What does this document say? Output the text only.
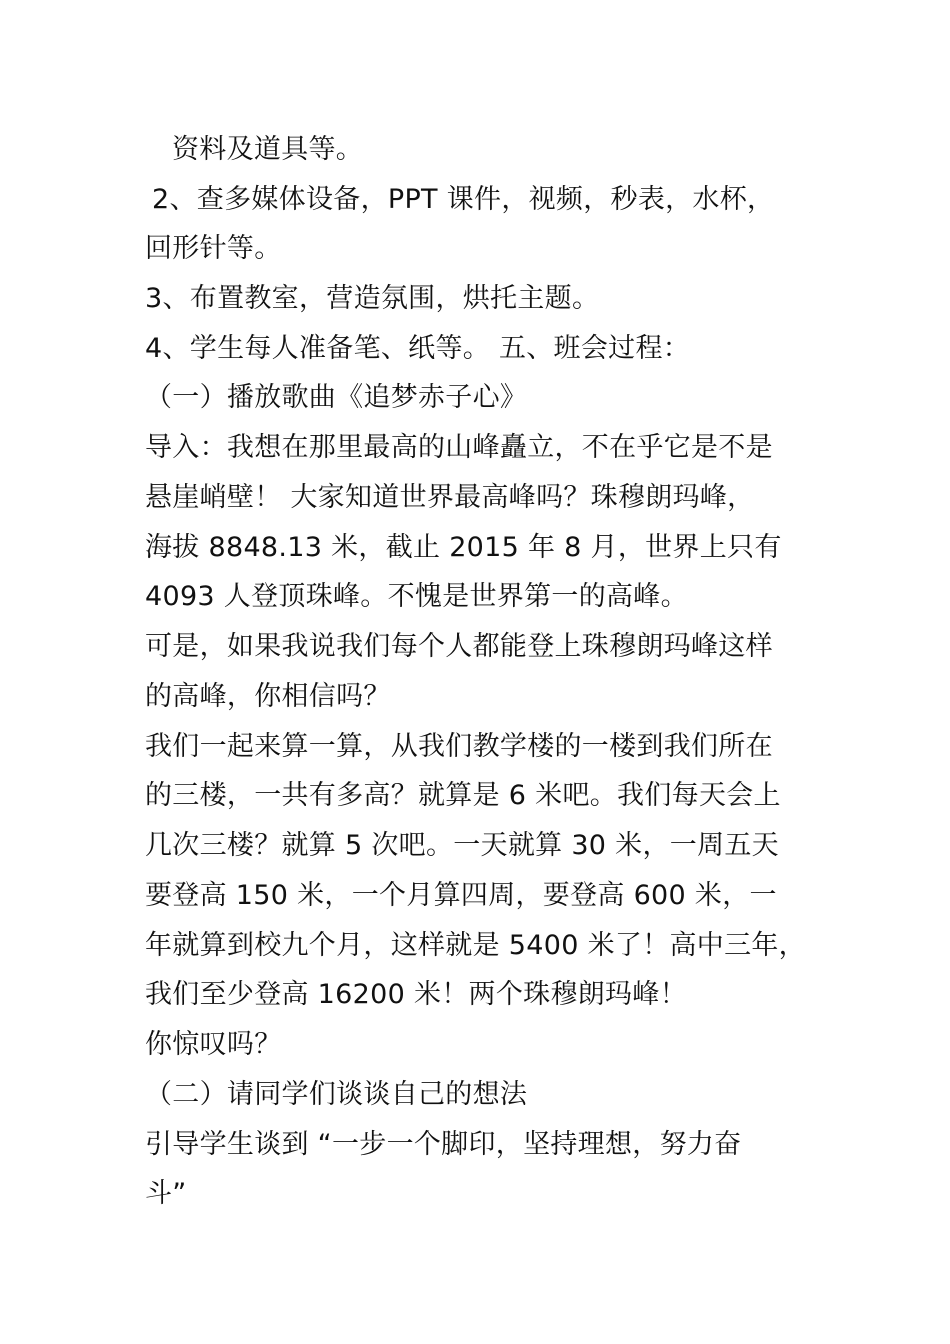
资料及道具等。
2、查多媒体设备，PPT 课件，视频，秒表，水杯，
回形针等。
3、布置教室，营造氛围，烘托主题。
4、学生每人准备笔、纸等。 五、班会过程：
（一）播放歌曲《追梦赤子心》
导入：我想在那里最高的山峰矗立，不在乎它是不是
悬崖峭壁！ 大家知道世界最高峰吗？珠穆朗玛峰，
海拔 8848.13 米，截止 2015 年 8 月，世界上只有
4093 人登顶珠峰。不愧是世界第一的高峰。
可是，如果我说我们每个人都能登上珠穆朗玛峰这样
的高峰，你相信吗？
我们一起来算一算，从我们教学楼的一楼到我们所在
的三楼，一共有多高？就算是 6 米吧。我们每天会上
几次三楼？就算 5 次吧。一天就算 30 米，一周五天
要登高 150 米，一个月算四周，要登高 600 米，一
年就算到校九个月，这样就是 5400 米了！高中三年，
我们至少登高 16200 米！两个珠穆朗玛峰！
你惊叹吗？
（二）请同学们谈谈自己的想法
引导学生谈到 “一步一个脚印，坚持理想，努力奋
斗”
